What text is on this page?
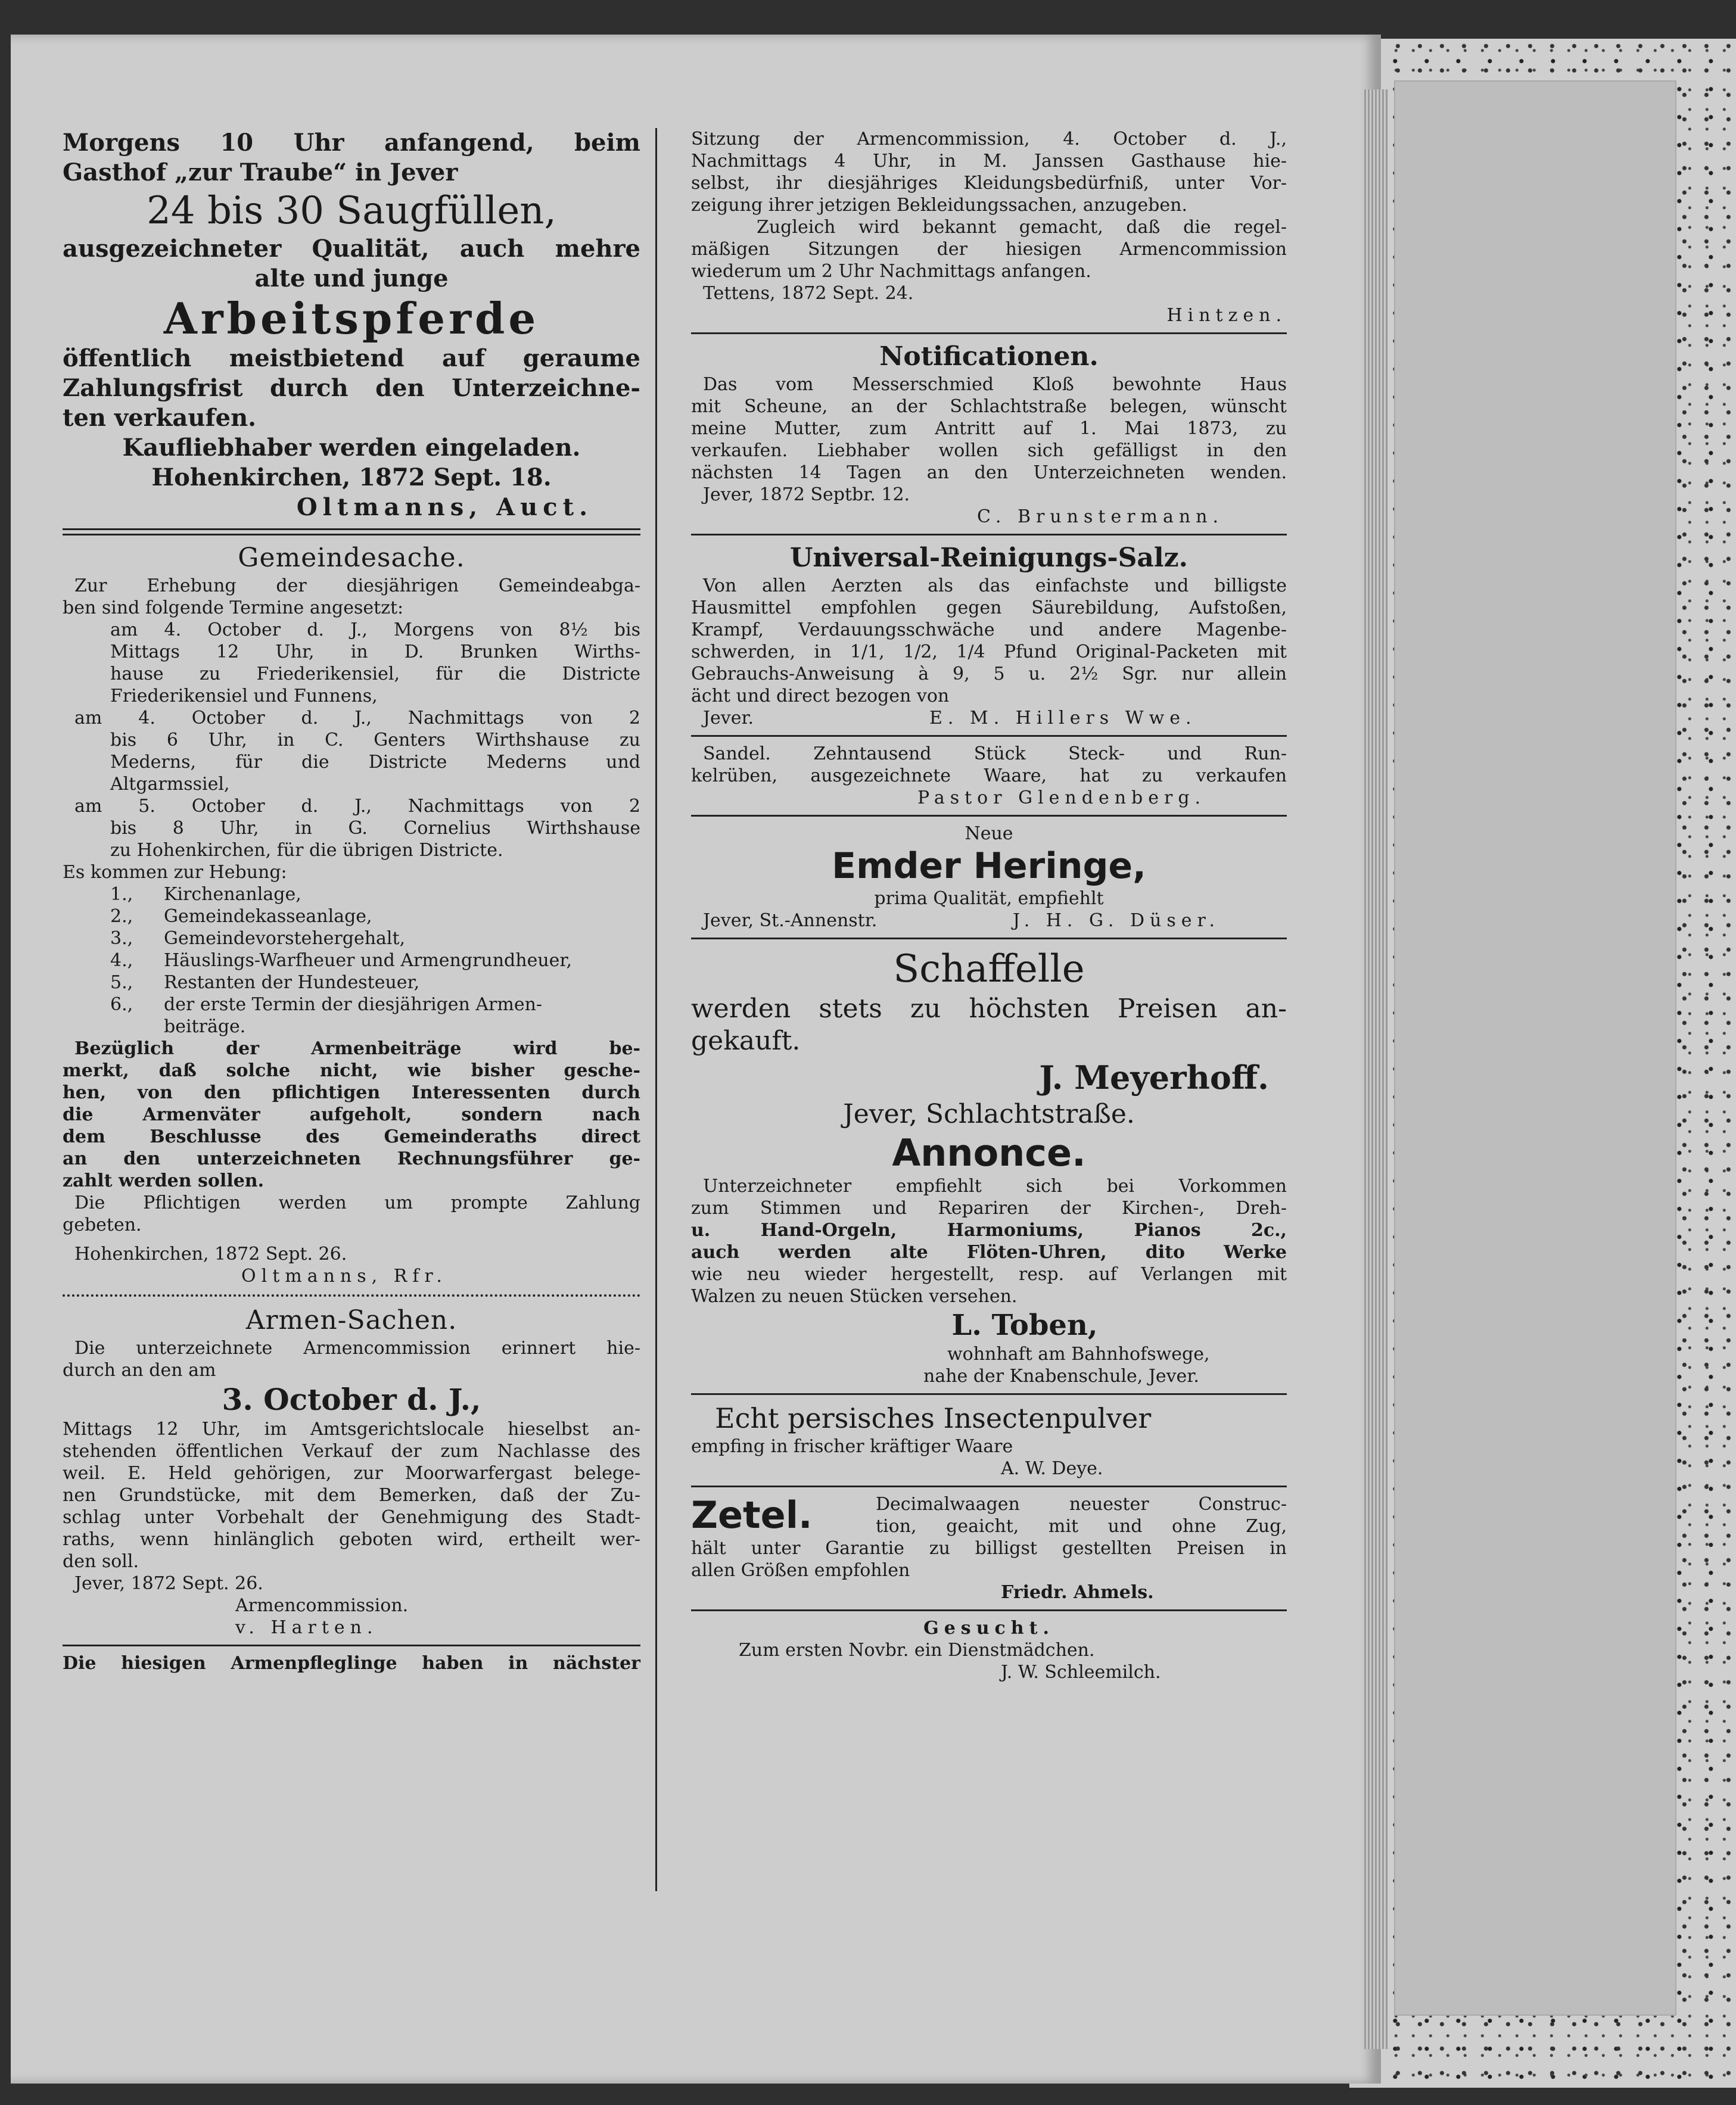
Morgens 10 Uhr anfangend, beim
Gasthof „zur Traube“ in Jever
24 bis 30 Saugfüllen,
ausgezeichneter Qualität, auch mehre
alte und junge
Arbeitspferde
öffentlich meistbietend auf geraume
Zahlungsfrist durch den Unterzeichne-
ten verkaufen.
Kaufliebhaber werden eingeladen.
Hohenkirchen, 1872 Sept. 18.
Oltmanns, Auct.
Gemeindesache.
Zur Erhebung der diesjährigen Gemeindeabga-
ben sind folgende Termine angesetzt:
am 4. October d. J., Morgens von 8½ bis
Mittags 12 Uhr, in D. Brunken Wirths-
hause zu Friederikensiel, für die Districte
Friederikensiel und Funnens,
am 4. October d. J., Nachmittags von 2
bis 6 Uhr, in C. Genters Wirthshause zu
Mederns, für die Districte Mederns und
Altgarmssiel,
am 5. October d. J., Nachmittags von 2
bis 8 Uhr, in G. Cornelius Wirthshause
zu Hohenkirchen, für die übrigen Districte.
Es kommen zur Hebung:
1., Kirchenanlage,
2., Gemeindekasseanlage,
3., Gemeindevorstehergehalt,
4., Häuslings-Warfheuer und Armengrundheuer,
5., Restanten der Hundesteuer,
6., der erste Termin der diesjährigen Armen-
beiträge.
Bezüglich der Armenbeiträge wird be-
merkt, daß solche nicht, wie bisher gesche-
hen, von den pflichtigen Interessenten durch
die Armenväter aufgeholt, sondern nach
dem Beschlusse des Gemeinderaths direct
an den unterzeichneten Rechnungsführer ge-
zahlt werden sollen.
Die Pflichtigen werden um prompte Zahlung
gebeten.
Hohenkirchen, 1872 Sept. 26.
Oltmanns, Rfr.
Armen-Sachen.
Die unterzeichnete Armencommission erinnert hie-
durch an den am
3. October d. J.,
Mittags 12 Uhr, im Amtsgerichtslocale hieselbst an-
stehenden öffentlichen Verkauf der zum Nachlasse des
weil. E. Held gehörigen, zur Moorwarfergast belege-
nen Grundstücke, mit dem Bemerken, daß der Zu-
schlag unter Vorbehalt der Genehmigung des Stadt-
raths, wenn hinlänglich geboten wird, ertheilt wer-
den soll.
Jever, 1872 Sept. 26.
Armencommission.
v. Harten.
Die hiesigen Armenpfleglinge haben in nächster
Sitzung der Armencommission, 4. October d. J.,
Nachmittags 4 Uhr, in M. Janssen Gasthause hie-
selbst, ihr diesjähriges Kleidungsbedürfniß, unter Vor-
zeigung ihrer jetzigen Bekleidungssachen, anzugeben.
Zugleich wird bekannt gemacht, daß die regel-
mäßigen Sitzungen der hiesigen Armencommission
wiederum um 2 Uhr Nachmittags anfangen.
Tettens, 1872 Sept. 24.
Hintzen.
Notificationen.
Das vom Messerschmied Kloß bewohnte Haus
mit Scheune, an der Schlachtstraße belegen, wünscht
meine Mutter, zum Antritt auf 1. Mai 1873, zu
verkaufen. Liebhaber wollen sich gefälligst in den
nächsten 14 Tagen an den Unterzeichneten wenden.
Jever, 1872 Septbr. 12.
C. Brunstermann.
Universal-Reinigungs-Salz.
Von allen Aerzten als das einfachste und billigste
Hausmittel empfohlen gegen Säurebildung, Aufstoßen,
Krampf, Verdauungsschwäche und andere Magenbe-
schwerden, in 1/1, 1/2, 1/4 Pfund Original-Packeten mit
Gebrauchs-Anweisung à 9, 5 u. 2½ Sgr. nur allein
ächt und direct bezogen von
Jever.	E. M. Hillers Wwe.
Sandel. Zehntausend Stück Steck- und Run-
kelrüben, ausgezeichnete Waare, hat zu verkaufen
Pastor Glendenberg.
Neue
Emder Heringe,
prima Qualität, empfiehlt
Jever, St.-Annenstr.	J. H. G. Düser.
Schaffelle
werden stets zu höchsten Preisen an-
gekauft.
J. Meyerhoff.
Jever, Schlachtstraße.
Annonce.
Unterzeichneter empfiehlt sich bei Vorkommen
zum Stimmen und Repariren der Kirchen-, Dreh-
u. Hand-Orgeln, Harmoniums, Pianos 2c.,
auch werden alte Flöten-Uhren, dito Werke
wie neu wieder hergestellt, resp. auf Verlangen mit
Walzen zu neuen Stücken versehen.
L. Toben,
wohnhaft am Bahnhofswege,
nahe der Knabenschule, Jever.
Echt persisches Insectenpulver
empfing in frischer kräftiger Waare
A. W. Deye.
Zetel.	Decimalwaagen neuester Construc-
tion, geaicht, mit und ohne Zug,
hält unter Garantie zu billigst gestellten Preisen in
allen Größen empfohlen
Friedr. Ahmels.
Gesucht.
Zum ersten Novbr. ein Dienstmädchen.
J. W. Schleemilch.
